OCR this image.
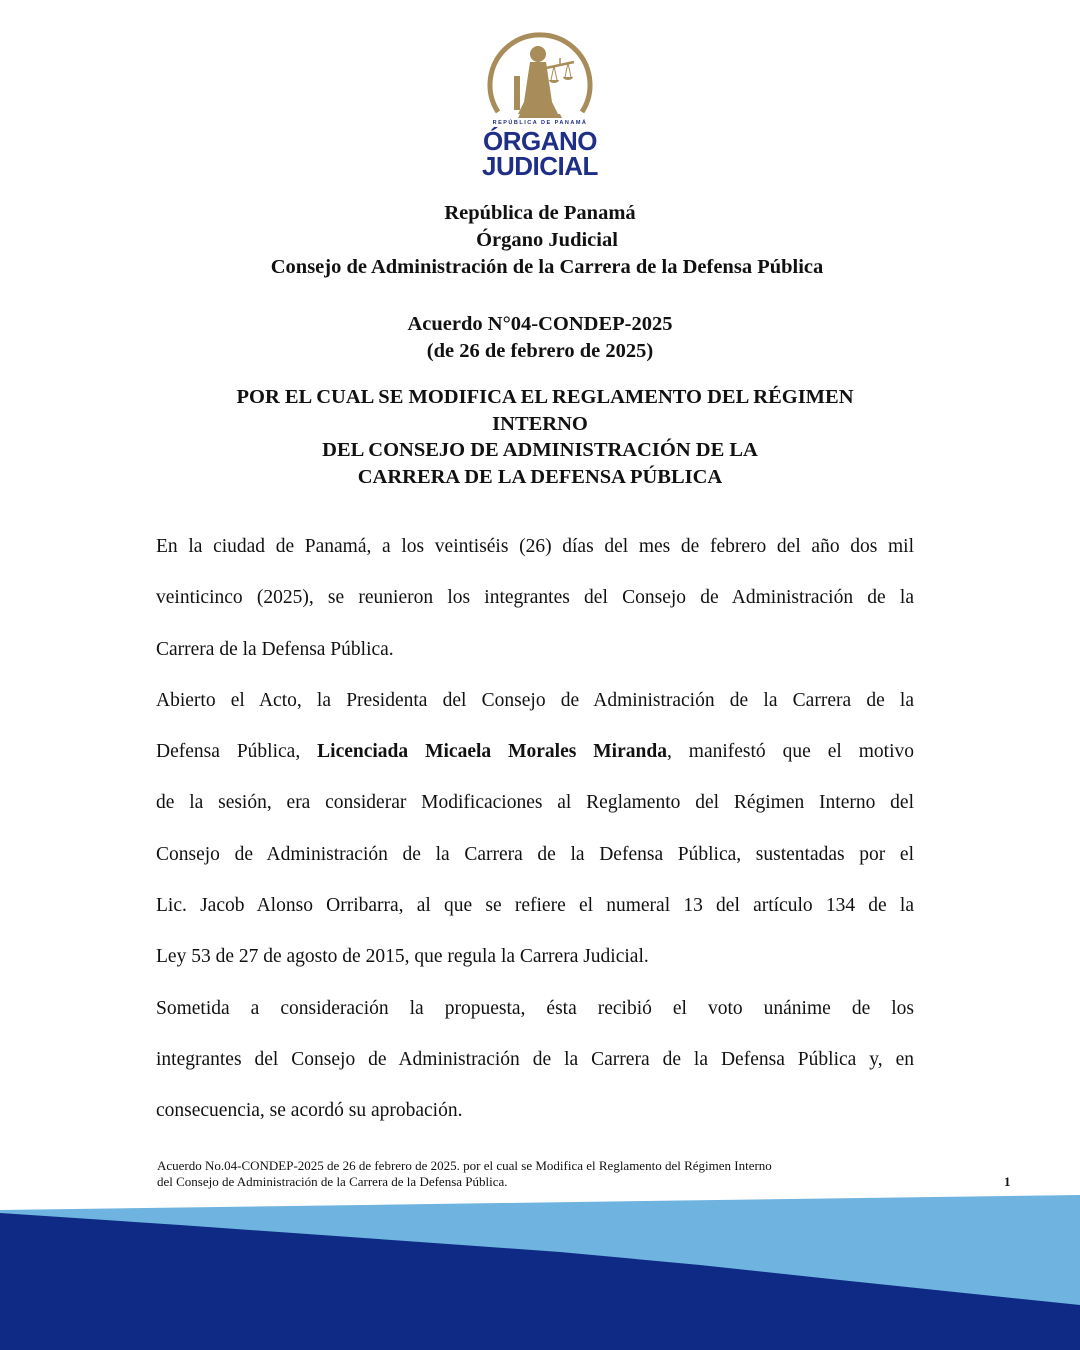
REPÚBLICA DE PANAMÁ
ÓRGANO
JUDICIAL
República de Panamá
Órgano Judicial
Consejo de Administración de la Carrera de la Defensa Pública
Acuerdo N°04-CONDEP-2025
(de 26 de febrero de 2025)
POR EL CUAL SE MODIFICA EL REGLAMENTO DEL RÉGIMEN
INTERNO
DEL CONSEJO DE ADMINISTRACIÓN DE LA
CARRERA DE LA DEFENSA PÚBLICA
En la ciudad de Panamá, a los veintiséis (26) días del mes de febrero del año dos mil
veinticinco (2025), se reunieron los integrantes del Consejo de Administración de la
Carrera de la Defensa Pública.
Abierto el Acto, la Presidenta del Consejo de Administración de la Carrera de la
Defensa Pública, Licenciada Micaela Morales Miranda, manifestó que el motivo
de la sesión, era considerar Modificaciones al Reglamento del Régimen Interno del
Consejo de Administración de la Carrera de la Defensa Pública, sustentadas por el
Lic. Jacob Alonso Orribarra, al que se refiere el numeral 13 del artículo 134 de la
Ley 53 de 27 de agosto de 2015, que regula la Carrera Judicial.
Sometida a consideración la propuesta, ésta recibió el voto unánime de los
integrantes del Consejo de Administración de la Carrera de la Defensa Pública y, en
consecuencia, se acordó su aprobación.
Acuerdo No.04-CONDEP-2025 de 26 de febrero de 2025. por el cual se Modifica el Reglamento del Régimen Interno
del Consejo de Administración de la Carrera de la Defensa Pública.	1
